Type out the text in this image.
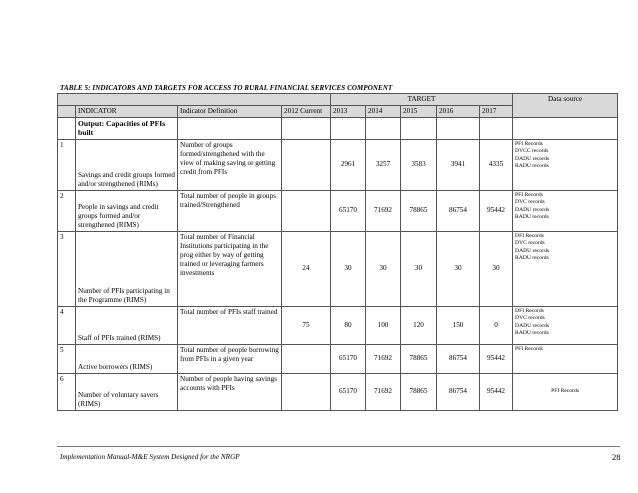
TABLE 5: INDICATORS AND TARGETS FOR ACCESS TO RURAL FINANCIAL SERVICES COMPONENT
				TARGET					Data source
	INDICATOR	Indicator Definition	2012 Current	2013	2014	2015	2016	2017	
	Output: Capacities of PFIs built								
1	Savings and credit groups formed and/or strengthened (RIMs)	Number of groups formed/strengthened with the view of making saving or getting credit from PFIs		2961	3257	3583	3941	4335	PFI Records
DVCC records
DADU records
RADU records

2	People in savings and credit groups formed and/or strengthened (RIMS)	Total number of people in groups trained/Strengthened		65170	71692	78865	86754	95442	PFI Records
DVC records
DADU records
RADU records

3	Number of PFIs participating in the Programme (RIMS)	Total number of Financial Institutions participating in the prog either by way of getting trained or leveraging farmers investments	24	30	30	30	30	30	DFI Records
DVC records
DADU records
RADU records

4	Staff of PFIs trained (RIMS)	Total number of PFIs staff trained	75	80	100	120	150	0	DFI Records
DVC records
DADU records
RADU records

5	Active borrowers (RIMS)	Total number of people borrowing from PFIs in a given year		65170	71692	78865	86754	95442	PFI Records

6	Number of voluntary savers (RIMS)	Number of people having savings accounts with PFIs		65170	71692	78865	86754	95442	PFI Records
Implementation Manual-M&E System Designed for the NRGP	28
